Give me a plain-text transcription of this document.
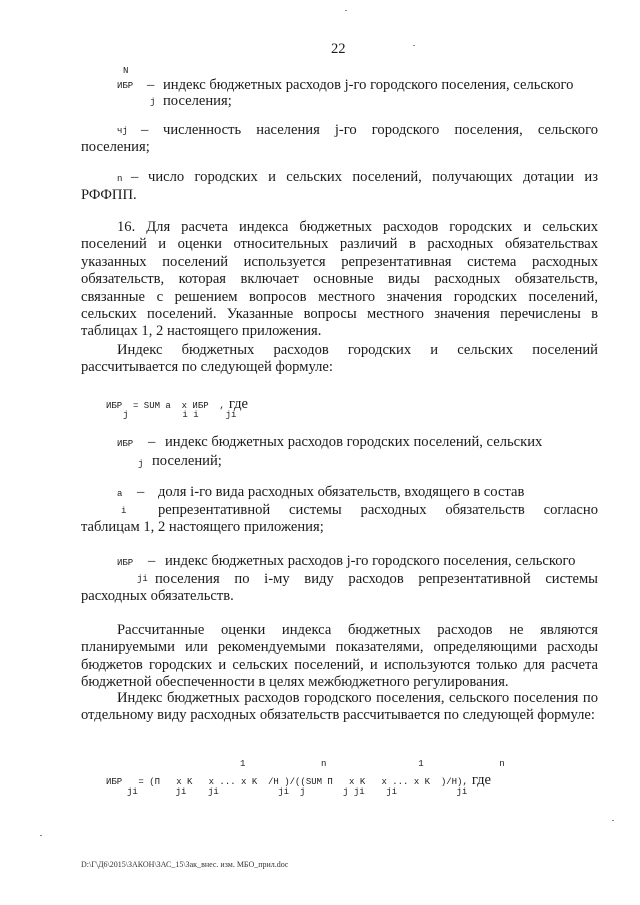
22
N
ИБР – индекс бюджетных расходов j-го городского поселения, сельского
j поселения;
чj – численность населения j-го городского поселения, сельского
поселения;
n – число городских и сельских поселений, получающих дотации из
РФФПП.
16. Для расчета индекса бюджетных расходов городских и сельских поселений и оценки относительных различий в расходных обязательствах указанных поселений используется репрезентативная система расходных обязательств, которая включает основные виды расходных обязательств, связанные с решением вопросов местного значения городских поселений, сельских поселений. Указанные вопросы местного значения перечислены в таблицах 1, 2 настоящего приложения.
Индекс бюджетных расходов городских и сельских поселений рассчитывается по следующей формуле:
ИБР  = SUM a  x ИБР  , где
j          i i     ji
ИБР – индекс бюджетных расходов городских поселений, сельских
j поселений;
a – доля i-го вида расходных обязательств, входящего в состав
i репрезентативной системы расходных обязательств согласно
таблицам 1, 2 настоящего приложения;
ИБР – индекс бюджетных расходов j-го городского поселения, сельского
ji поселения по i-му виду расходов репрезентативной системы
расходных обязательств.
Рассчитанные оценки индекса бюджетных расходов не являются планируемыми или рекомендуемыми показателями, определяющими расходы бюджетов городских и сельских поселений, и используются только для расчета бюджетной обеспеченности в целях межбюджетного регулирования.
Индекс бюджетных расходов городского поселения, сельского поселения по отдельному виду расходных обязательств рассчитывается по следующей формуле:
1              n                 1              n
ИБР   = (П   x K   x ... x K  /Н )/((SUM П   x K   x ... x K  )/Н), где
ji       ji    ji           ji  j       j ji    ji           ji
D:\Г\Д6\2015\ЗАКОН\ЗАС_15\Зак_внес. изм. МБО_прил.doc
